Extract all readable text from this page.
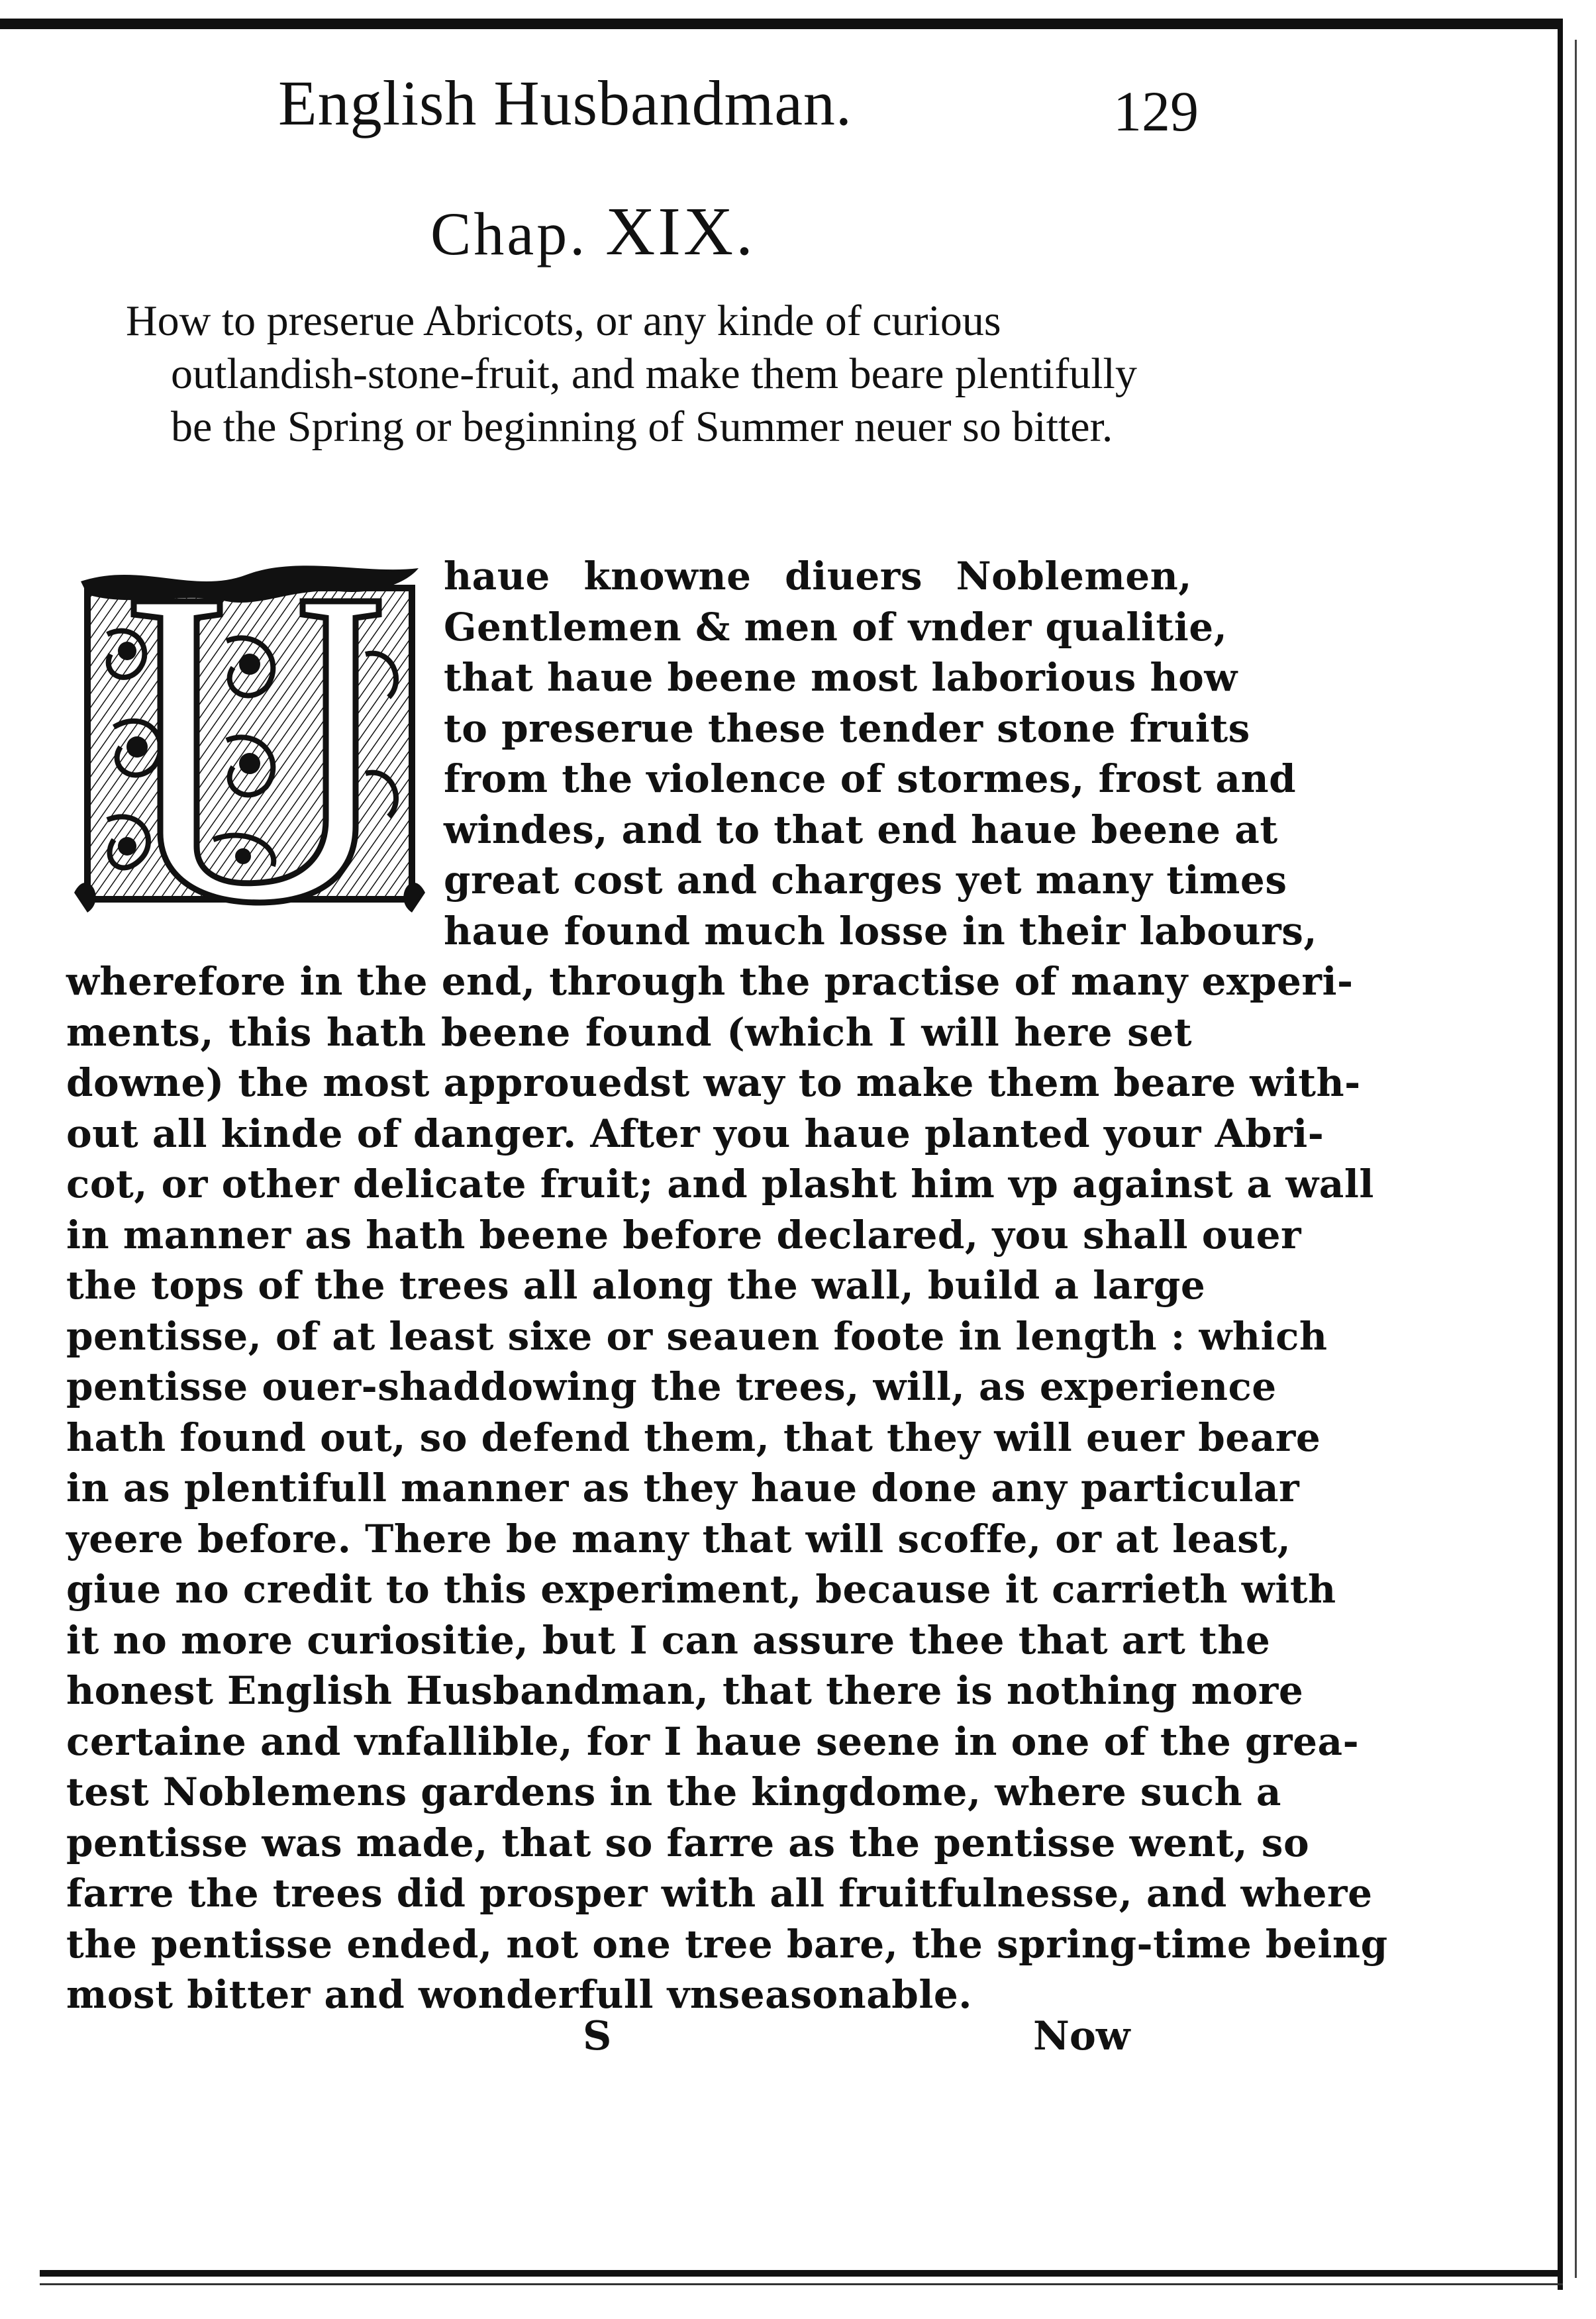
English Husbandman.	129
Chap. XIX.

How to preserue Abricots, or any kinde of curious outlandish-stone-fruit, and make them beare plentifully be the Spring or beginning of Summer neuer so bitter.

haue knowne diuers Noblemen,
Gentlemen & men of vnder qualitie,
that haue beene most laborious how
to preserue these tender stone fruits
from the violence of stormes, frost and
windes, and to that end haue beene at
great cost and charges yet many times
haue found much losse in their labours,
wherefore in the end, through the practise of many experi-
ments, this hath beene found (which I will here set
downe) the most approuedst way to make them beare with-
out all kinde of danger. After you haue planted your Abri-
cot, or other delicate fruit; and plasht him vp against a wall
in manner as hath beene before declared, you shall ouer
the tops of the trees all along the wall, build a large
pentisse, of at least sixe or seauen foote in length : which
pentisse ouer-shaddowing the trees, will, as experience
hath found out, so defend them, that they will euer beare
in as plentifull manner as they haue done any particular
yeere before. There be many that will scoffe, or at least,
giue no credit to this experiment, because it carrieth with
it no more curiositie, but I can assure thee that art the
honest English Husbandman, that there is nothing more
certaine and vnfallible, for I haue seene in one of the grea-
test Noblemens gardens in the kingdome, where such a
pentisse was made, that so farre as the pentisse went, so
farre the trees did prosper with all fruitfulnesse, and where
the pentisse ended, not one tree bare, the spring-time being
most bitter and wonderfull vnseasonable.
S	Now
